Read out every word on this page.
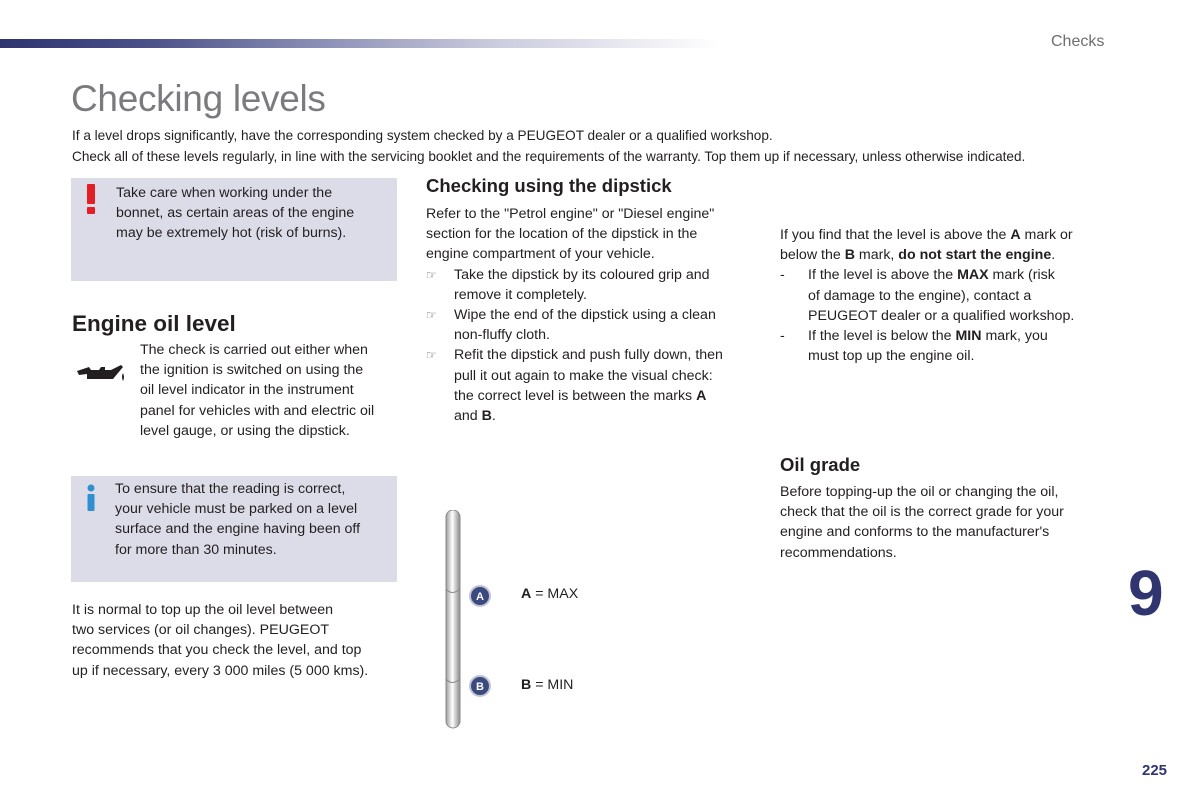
Checks
Checking levels
If a level drops significantly, have the corresponding system checked by a PEUGEOT dealer or a qualified workshop.
Check all of these levels regularly, in line with the servicing booklet and the requirements of the warranty. Top them up if necessary, unless otherwise indicated.
!
Take care when working under the
bonnet, as certain areas of the engine
may be extremely hot (risk of burns).
Engine oil level
The check is carried out either when
the ignition is switched on using the
oil level indicator in the instrument
panel for vehicles with and electric oil
level gauge, or using the dipstick.
i
To ensure that the reading is correct,
your vehicle must be parked on a level
surface and the engine having been off
for more than 30 minutes.
It is normal to top up the oil level between
two services (or oil changes). PEUGEOT
recommends that you check the level, and top
up if necessary, every 3 000 miles (5 000 kms).
Checking using the dipstick
Refer to the "Petrol engine" or "Diesel engine"
section for the location of the dipstick in the
engine compartment of your vehicle.
☞ Take the dipstick by its coloured grip and
remove it completely.
☞ Wipe the end of the dipstick using a clean
non-fluffy cloth.
☞ Refit the dipstick and push fully down, then
pull it out again to make the visual check:
the correct level is between the marks A
and B.
A
B
A = MAX
B = MIN
If you find that the level is above the A mark or
below the B mark, do not start the engine.
- If the level is above the MAX mark (risk
of damage to the engine), contact a
PEUGEOT dealer or a qualified workshop.
- If the level is below the MIN mark, you
must top up the engine oil.
Oil grade
Before topping-up the oil or changing the oil,
check that the oil is the correct grade for your
engine and conforms to the manufacturer's
recommendations.
9
225
